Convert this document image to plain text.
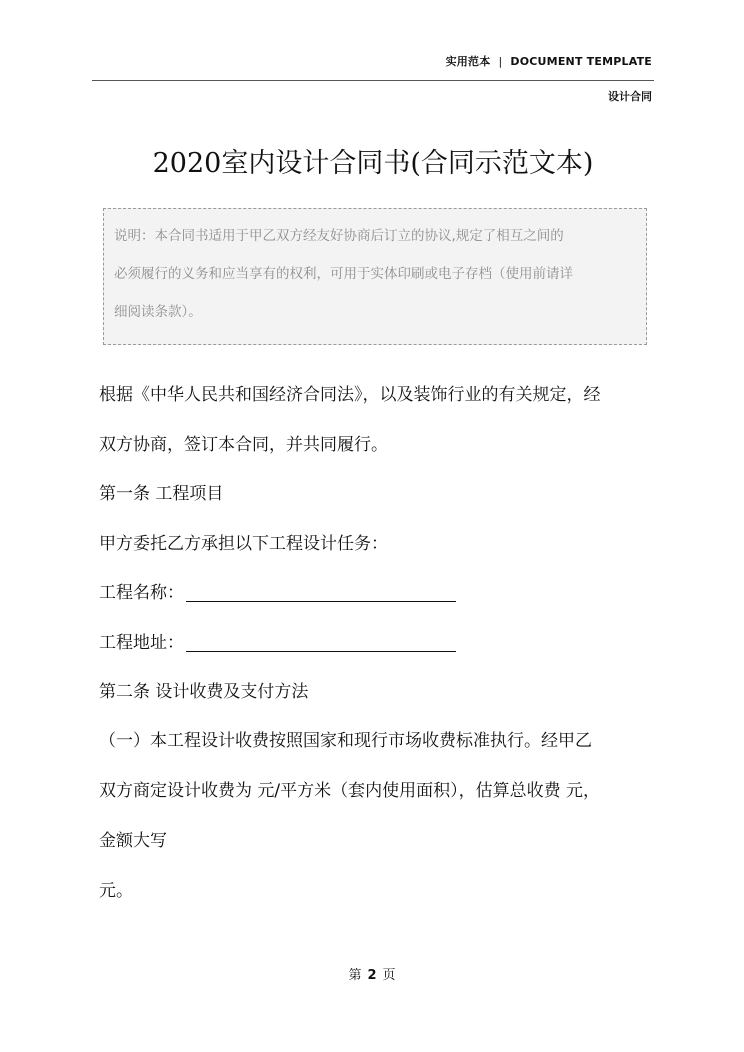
实用范本 | DOCUMENT TEMPLATE
设计合同
2020室内设计合同书(合同示范文本)
说明：本合同书适用于甲乙双方经友好协商后订立的协议,规定了相互之间的
必须履行的义务和应当享有的权利，可用于实体印刷或电子存档（使用前请详
细阅读条款）。
根据《中华人民共和国经济合同法》，以及装饰行业的有关规定，经
双方协商，签订本合同，并共同履行。
第一条 工程项目
甲方委托乙方承担以下工程设计任务：
工程名称：
工程地址：
第二条 设计收费及支付方法
（一）本工程设计收费按照国家和现行市场收费标准执行。经甲乙
双方商定设计收费为 元/平方米（套内使用面积），估算总收费 元，
金额大写
元。
第 2 页
